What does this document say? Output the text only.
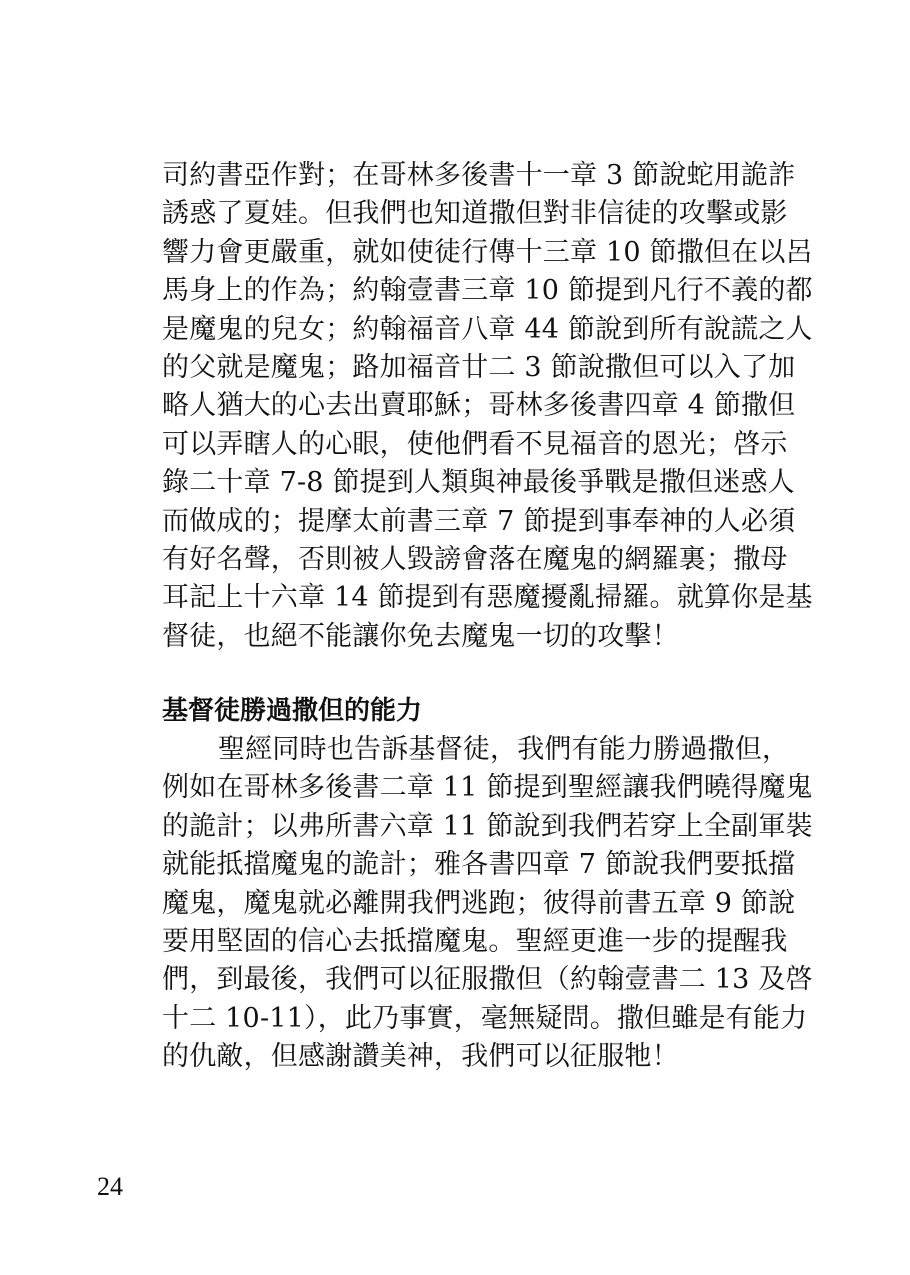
司約書亞作對；在哥林多後書十一章 3 節說蛇用詭詐
誘惑了夏娃。但我們也知道撒但對非信徒的攻擊或影
響力會更嚴重，就如使徒行傳十三章 10 節撒但在以呂
馬身上的作為；約翰壹書三章 10 節提到凡行不義的都
是魔鬼的兒女；約翰福音八章 44 節說到所有說謊之人
的父就是魔鬼；路加福音廿二 3 節說撒但可以入了加
略人猶大的心去出賣耶穌；哥林多後書四章 4 節撒但
可以弄瞎人的心眼，使他們看不見福音的恩光；啓示
錄二十章 7-8 節提到人類與神最後爭戰是撒但迷惑人
而做成的；提摩太前書三章 7 節提到事奉神的人必須
有好名聲，否則被人毀謗會落在魔鬼的網羅裏；撒母
耳記上十六章 14 節提到有惡魔擾亂掃羅。就算你是基
督徒，也絕不能讓你免去魔鬼一切的攻擊！
基督徒勝過撒但的能力
聖經同時也告訴基督徒，我們有能力勝過撒但，
例如在哥林多後書二章 11 節提到聖經讓我們曉得魔鬼
的詭計；以弗所書六章 11 節說到我們若穿上全副軍裝
就能抵擋魔鬼的詭計；雅各書四章 7 節說我們要抵擋
魔鬼，魔鬼就必離開我們逃跑；彼得前書五章 9 節說
要用堅固的信心去抵擋魔鬼。聖經更進一步的提醒我
們，到最後，我們可以征服撒但（約翰壹書二 13 及啓
十二 10-11），此乃事實，毫無疑問。撒但雖是有能力
的仇敵，但感謝讚美神，我們可以征服牠！
24
